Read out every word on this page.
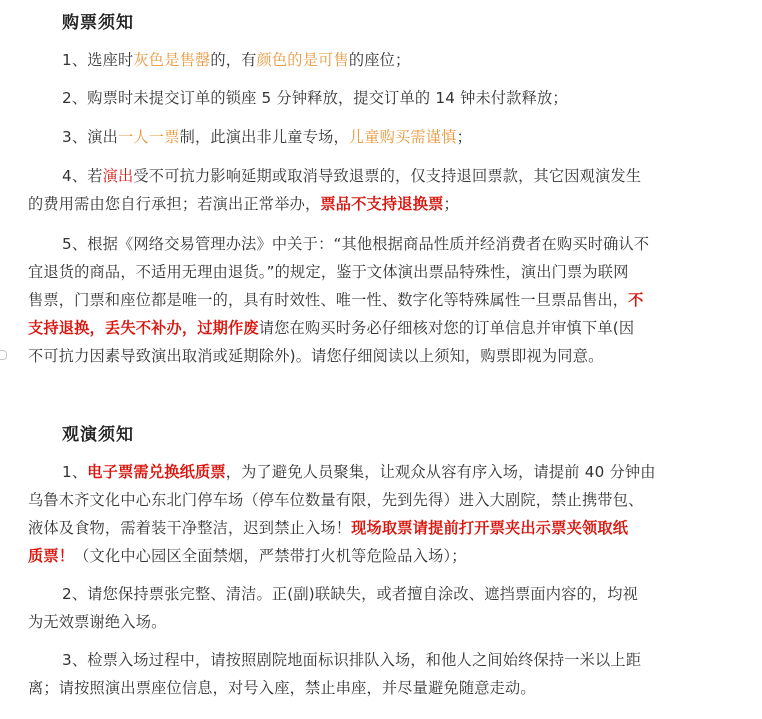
购票须知
1、选座时灰色是售罄的，有颜色的是可售的座位；
2、购票时未提交订单的锁座 5 分钟释放，提交订单的 14 钟未付款释放；
3、演出一人一票制，此演出非儿童专场，儿童购买需谨慎；
4、若演出受不可抗力影响延期或取消导致退票的，仅支持退回票款，其它因观演发生
的费用需由您自行承担；若演出正常举办，票品不支持退换票；
5、根据《网络交易管理办法》中关于：“其他根据商品性质并经消费者在购买时确认不
宜退货的商品，不适用无理由退货。”的规定，鉴于文体演出票品特殊性，演出门票为联网
售票，门票和座位都是唯一的，具有时效性、唯一性、数字化等特殊属性一旦票品售出，不
支持退换，丢失不补办，过期作废请您在购买时务必仔细核对您的订单信息并审慎下单(因
不可抗力因素导致演出取消或延期除外)。请您仔细阅读以上须知，购票即视为同意。
观演须知
1、电子票需兑换纸质票，为了避免人员聚集，让观众从容有序入场，请提前 40 分钟由
乌鲁木齐文化中心东北门停车场（停车位数量有限，先到先得）进入大剧院，禁止携带包、
液体及食物，需着装干净整洁，迟到禁止入场！现场取票请提前打开票夹出示票夹领取纸
质票！（文化中心园区全面禁烟，严禁带打火机等危险品入场）；
2、请您保持票张完整、清洁。正(副)联缺失，或者擅自涂改、遮挡票面内容的，均视
为无效票谢绝入场。
3、检票入场过程中，请按照剧院地面标识排队入场，和他人之间始终保持一米以上距
离；请按照演出票座位信息，对号入座，禁止串座，并尽量避免随意走动。
